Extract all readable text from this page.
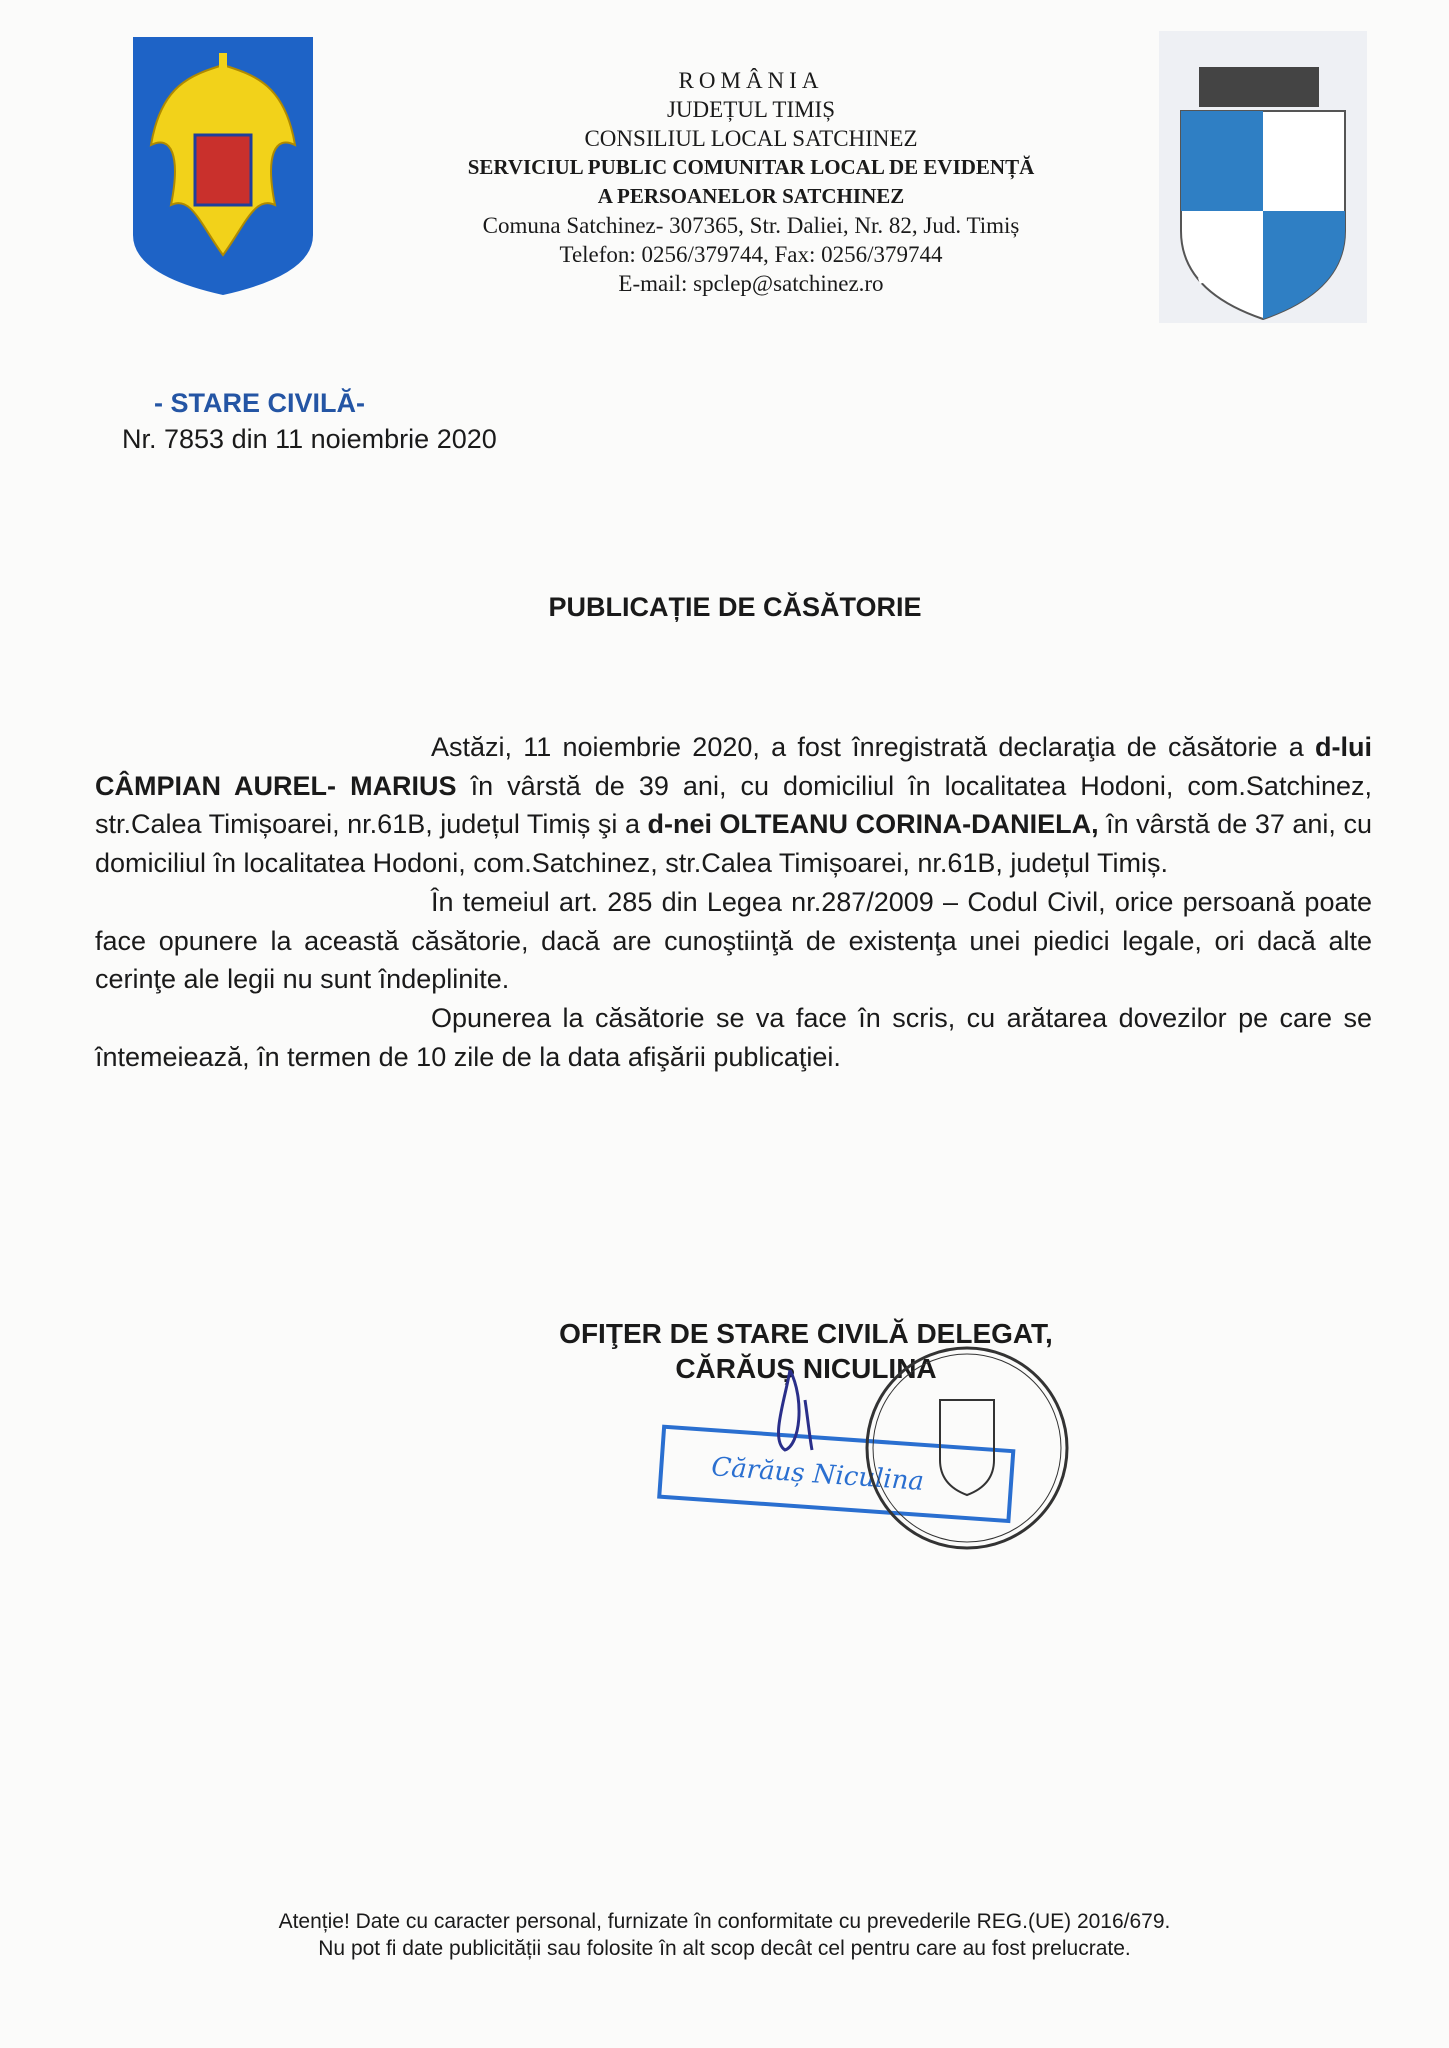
ROMÂNIA
JUDEȚUL TIMIȘ
CONSILIUL LOCAL SATCHINEZ
SERVICIUL PUBLIC COMUNITAR LOCAL DE EVIDENȚĂ
A PERSOANELOR SATCHINEZ
Comuna Satchinez- 307365, Str. Daliei, Nr. 82, Jud. Timiș
Telefon: 0256/379744, Fax: 0256/379744
E-mail: spclep@satchinez.ro
- STARE CIVILĂ-
Nr. 7853 din 11 noiembrie 2020
PUBLICAȚIE DE CĂSĂTORIE

Astăzi, 11 noiembrie 2020, a fost înregistrată declaraţia de căsătorie a d-lui CÂMPIAN AUREL- MARIUS în vârstă de 39 ani, cu domiciliul în localitatea Hodoni, com.Satchinez, str.Calea Timișoarei, nr.61B, județul Timiș şi a d-nei OLTEANU CORINA-DANIELA, în vârstă de 37 ani, cu domiciliul în localitatea Hodoni, com.Satchinez, str.Calea Timișoarei, nr.61B, județul Timiș.

În temeiul art. 285 din Legea nr.287/2009 – Codul Civil, orice persoană poate face opunere la această căsătorie, dacă are cunoştiinţă de existenţa unei piedici legale, ori dacă alte cerinţe ale legii nu sunt îndeplinite.

Opunerea la căsătorie se va face în scris, cu arătarea dovezilor pe care se întemeiează, în termen de 10 zile de la data afişării publicaţiei.

OFIŢER DE STARE CIVILĂ DELEGAT,
CĂRĂUȘ NICULINA
Cărăuș Niculina
Atenție! Date cu caracter personal, furnizate în conformitate cu prevederile REG.(UE) 2016/679.
Nu pot fi date publicității sau folosite în alt scop decât cel pentru care au fost prelucrate.
